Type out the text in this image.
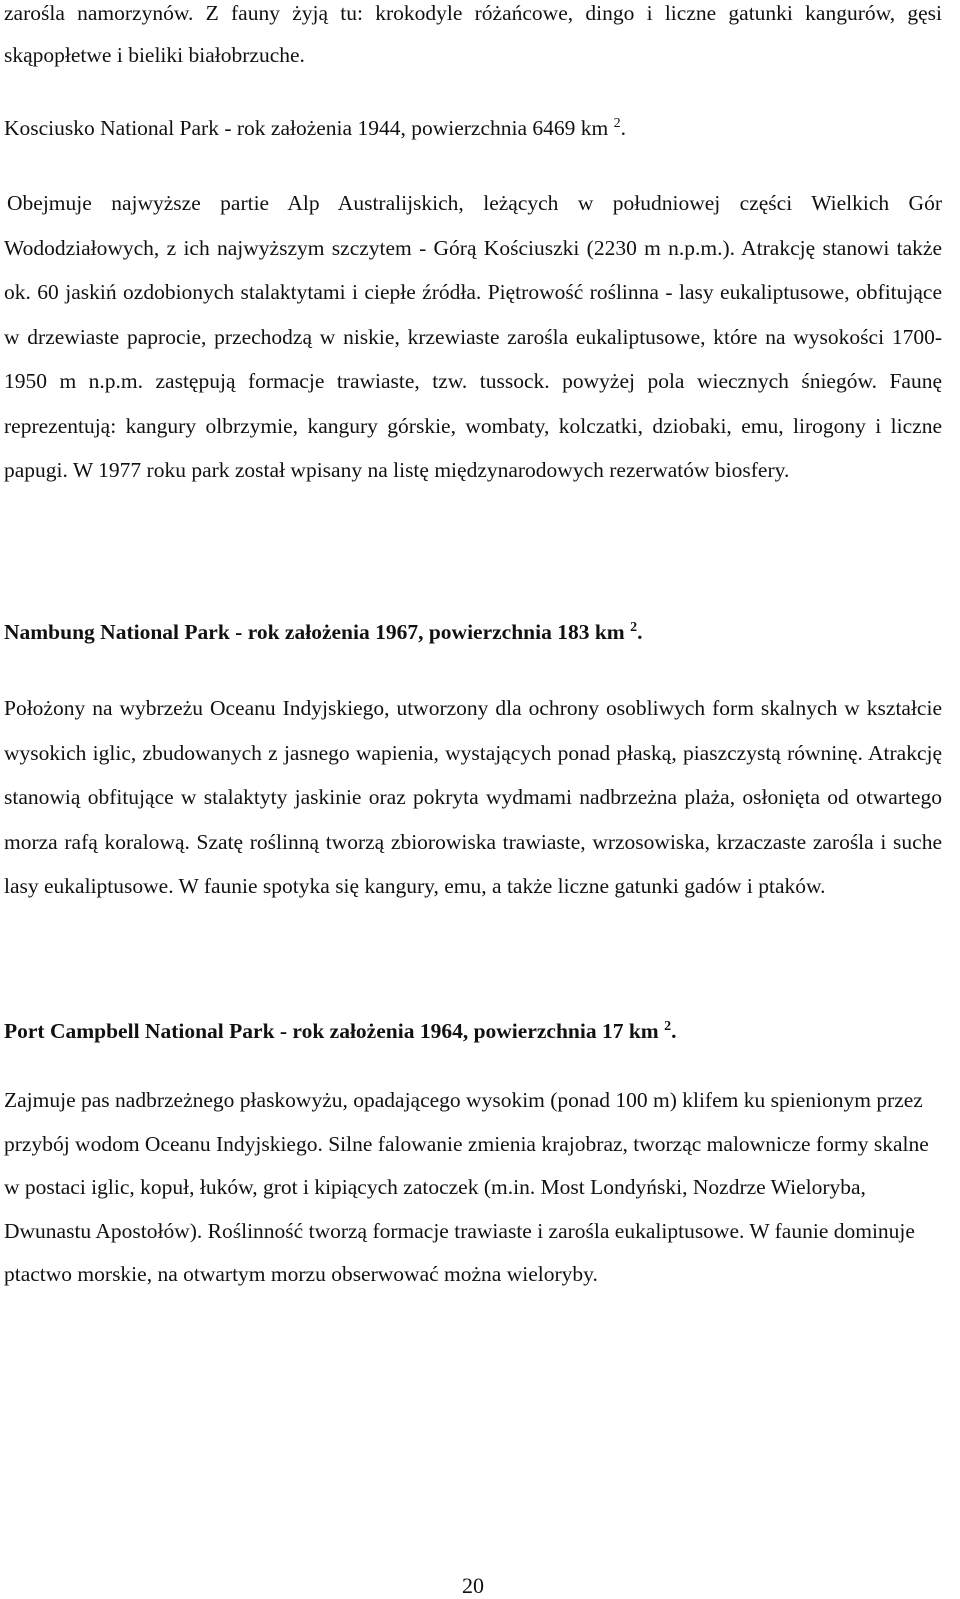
zarośla namorzynów. Z fauny żyją tu: krokodyle różańcowe, dingo i liczne gatunki kangurów, gęsi skąpopłetwe i bieliki białobrzuche.

Kosciusko National Park - rok założenia 1944, powierzchnia 6469 km $^2$.

Obejmuje najwyższe partie Alp Australijskich, leżących w południowej części Wielkich Gór Wododziałowych, z ich najwyższym szczytem - Górą Kościuszki (2230 m n.p.m.). Atrakcję stanowi także ok. 60 jaskiń ozdobionych stalaktytami i ciepłe źródła. Piętrowość roślinna - lasy eukaliptusowe, obfitujące w drzewiaste paprocie, przechodzą w niskie, krzewiaste zarośla eukaliptusowe, które na wysokości 1700-1950 m n.p.m. zastępują formacje trawiaste, tzw. tussock. powyżej pola wiecznych śniegów. Faunę reprezentują: kangury olbrzymie, kangury górskie, wombaty, kolczatki, dziobaki, emu, lirogony i liczne papugi. W 1977 roku park został wpisany na listę międzynarodowych rezerwatów biosfery.

Nambung National Park - rok założenia 1967, powierzchnia 183 km $^2$.

Położony na wybrzeżu Oceanu Indyjskiego, utworzony dla ochrony osobliwych form skalnych w kształcie wysokich iglic, zbudowanych z jasnego wapienia, wystających ponad płaską, piaszczystą równinę. Atrakcję stanowią obfitujące w stalaktyty jaskinie oraz pokryta wydmami nadbrzeżna plaża, osłonięta od otwartego morza rafą koralową. Szatę roślinną tworzą zbiorowiska trawiaste, wrzosowiska, krzaczaste zarośla i suche lasy eukaliptusowe. W faunie spotyka się kangury, emu, a także liczne gatunki gadów i ptaków.

Port Campbell National Park - rok założenia 1964, powierzchnia 17 km $^2$.

Zajmuje pas nadbrzeżnego płaskowyżu, opadającego wysokim (ponad 100 m) klifem ku spienionym przez przybój wodom Oceanu Indyjskiego. Silne falowanie zmienia krajobraz, tworząc malownicze formy skalne w postaci iglic, kopuł, łuków, grot i kipiących zatoczek (m.in. Most Londyński, Nozdrze Wieloryba, Dwunastu Apostołów). Roślinność tworzą formacje trawiaste i zarośla eukaliptusowe. W faunie dominuje ptactwo morskie, na otwartym morzu obserwować można wieloryby.

20
